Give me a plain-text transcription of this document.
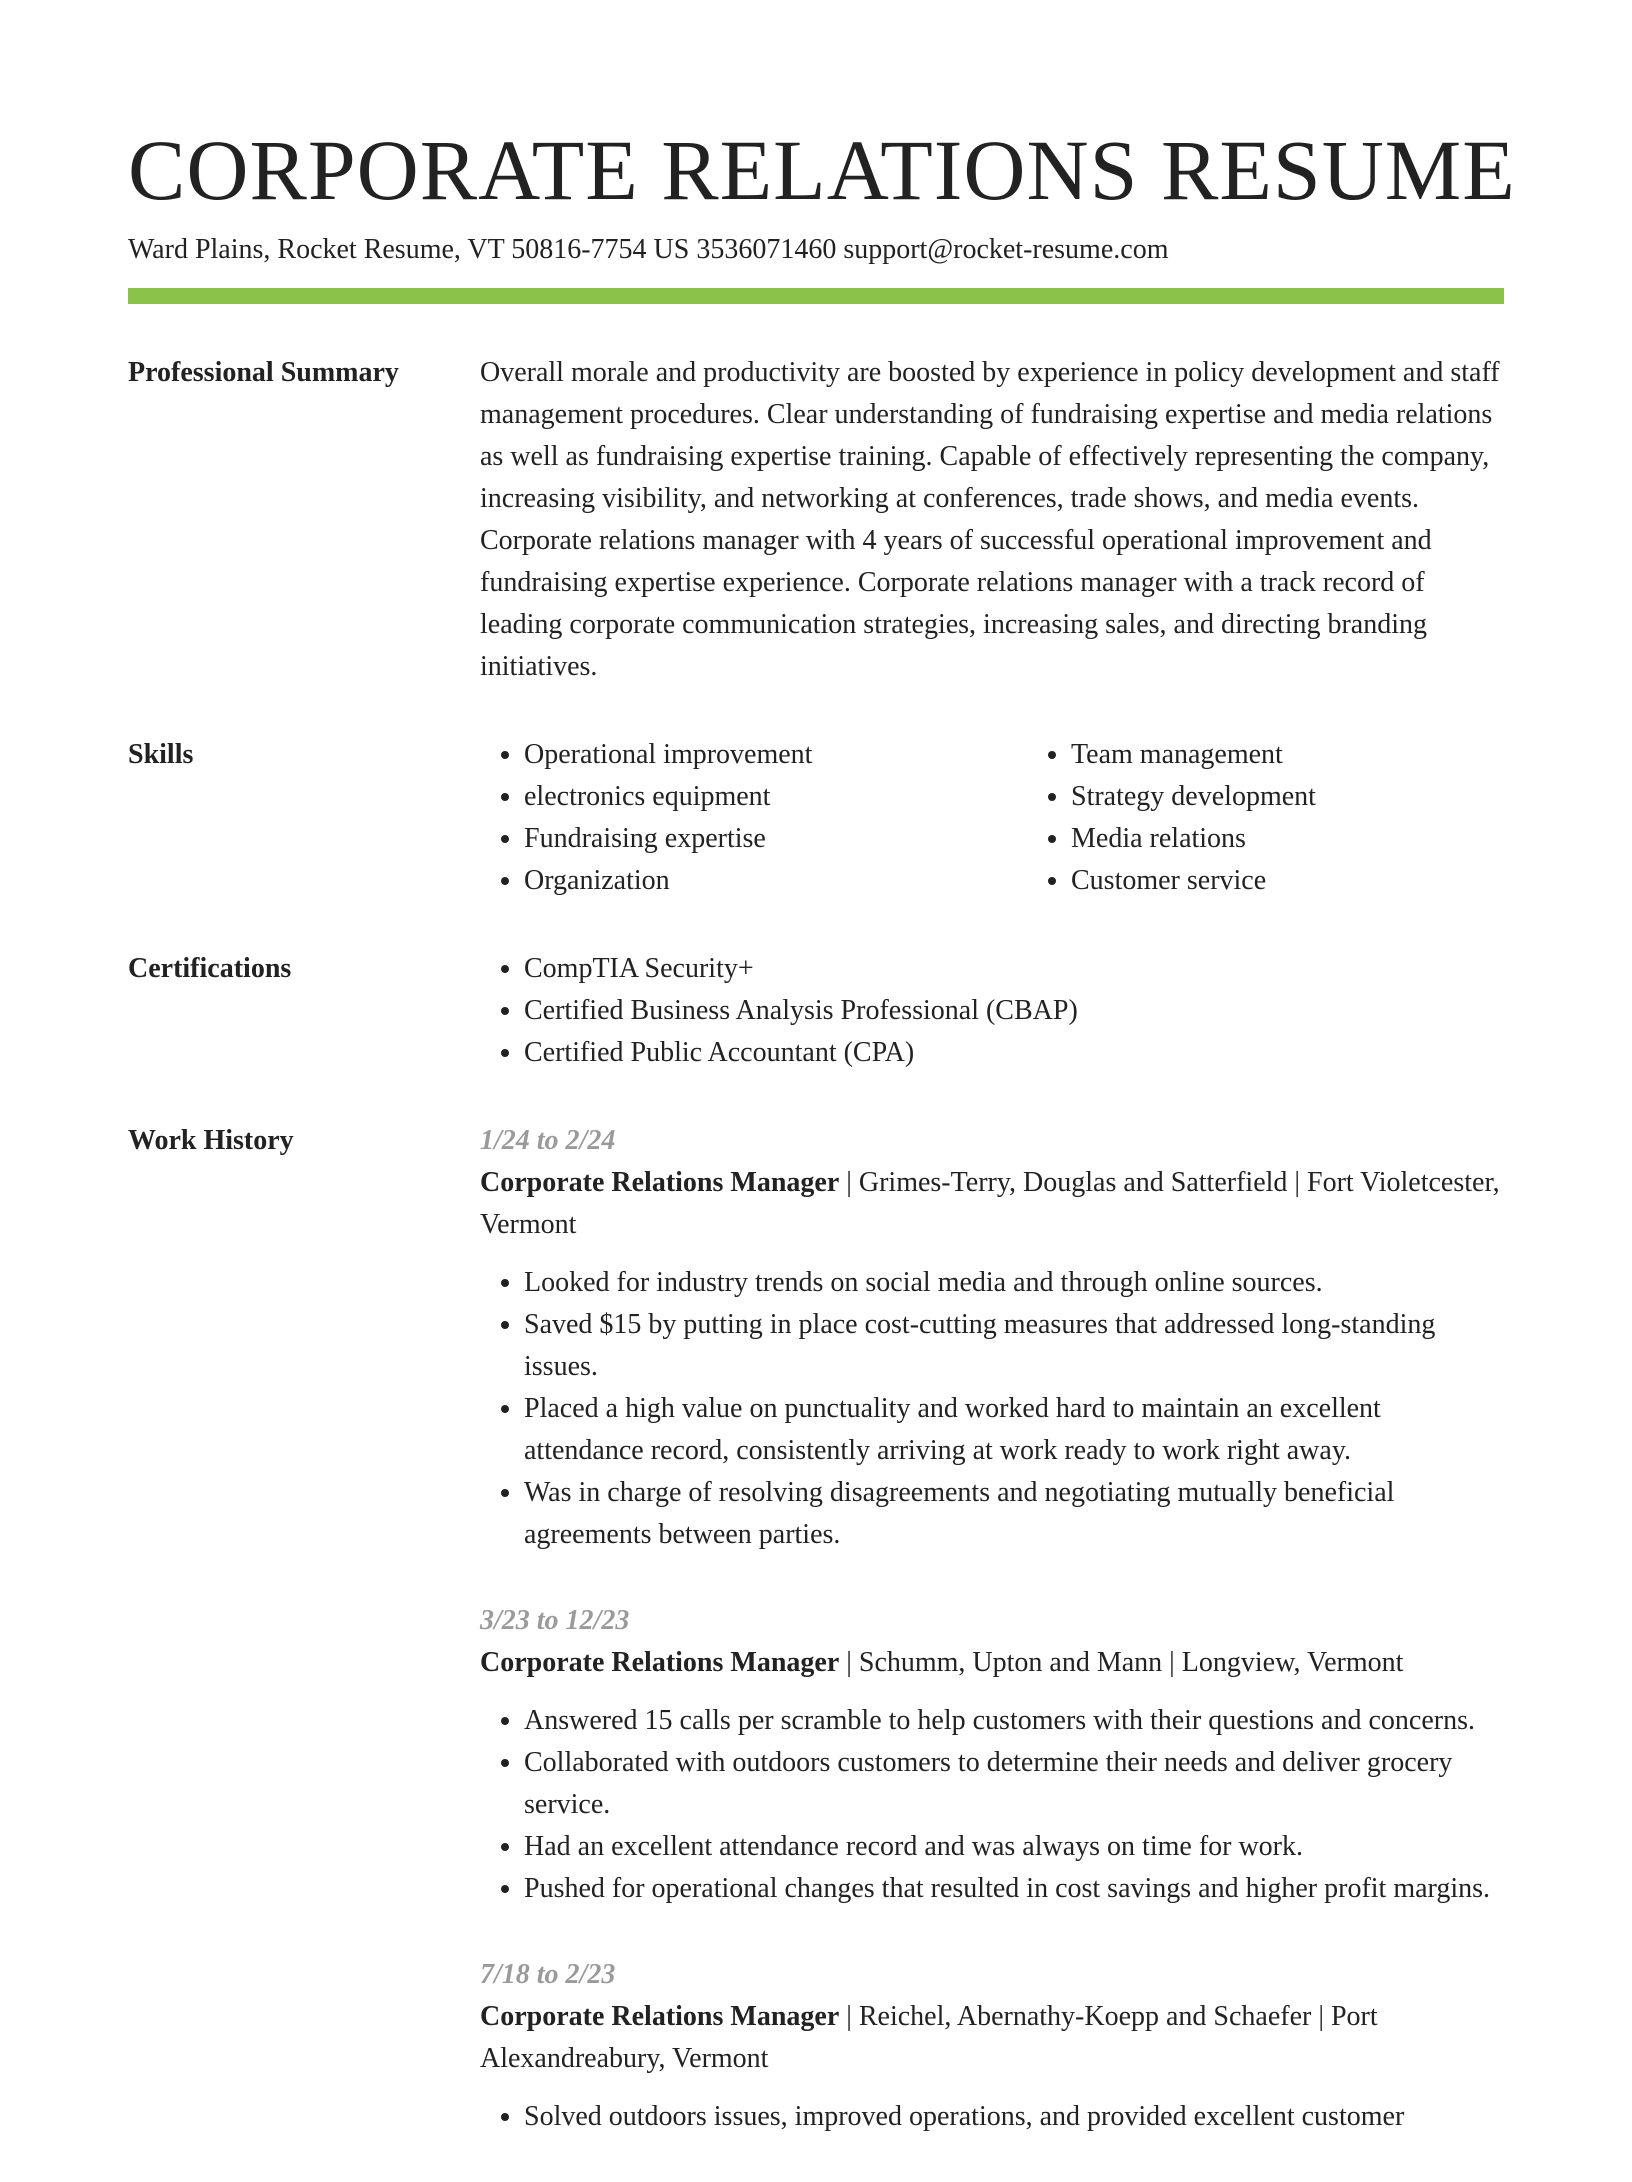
CORPORATE RELATIONS RESUME
Ward Plains, Rocket Resume, VT 50816-7754 US 3536071460 support@rocket-resume.com
Professional Summary	Overall morale and productivity are boosted by experience in policy development and staff management procedures. Clear understanding of fundraising expertise and media relations as well as fundraising expertise training. Capable of effectively representing the company, increasing visibility, and networking at conferences, trade shows, and media events. Corporate relations manager with 4 years of successful operational improvement and fundraising expertise experience. Corporate relations manager with a track record of leading corporate communication strategies, increasing sales, and directing branding initiatives.

Skills	• Operational improvement
• electronics equipment
• Fundraising expertise
• Organization
• Team management
• Strategy development
• Media relations
• Customer service
Certifications	• CompTIA Security+
• Certified Business Analysis Professional (CBAP)
• Certified Public Accountant (CPA)
Work History	1/24 to 2/24
Corporate Relations Manager | Grimes-Terry, Douglas and Satterfield | Fort Violetcester, Vermont
• Looked for industry trends on social media and through online sources.
• Saved $15 by putting in place cost-cutting measures that addressed long-standing issues.
• Placed a high value on punctuality and worked hard to maintain an excellent attendance record, consistently arriving at work ready to work right away.
• Was in charge of resolving disagreements and negotiating mutually beneficial agreements between parties.
3/23 to 12/23
Corporate Relations Manager | Schumm, Upton and Mann | Longview, Vermont
• Answered 15 calls per scramble to help customers with their questions and concerns.
• Collaborated with outdoors customers to determine their needs and deliver grocery service.
• Had an excellent attendance record and was always on time for work.
• Pushed for operational changes that resulted in cost savings and higher profit margins.
7/18 to 2/23
Corporate Relations Manager | Reichel, Abernathy-Koepp and Schaefer | Port Alexandreabury, Vermont
• Solved outdoors issues, improved operations, and provided excellent customer
